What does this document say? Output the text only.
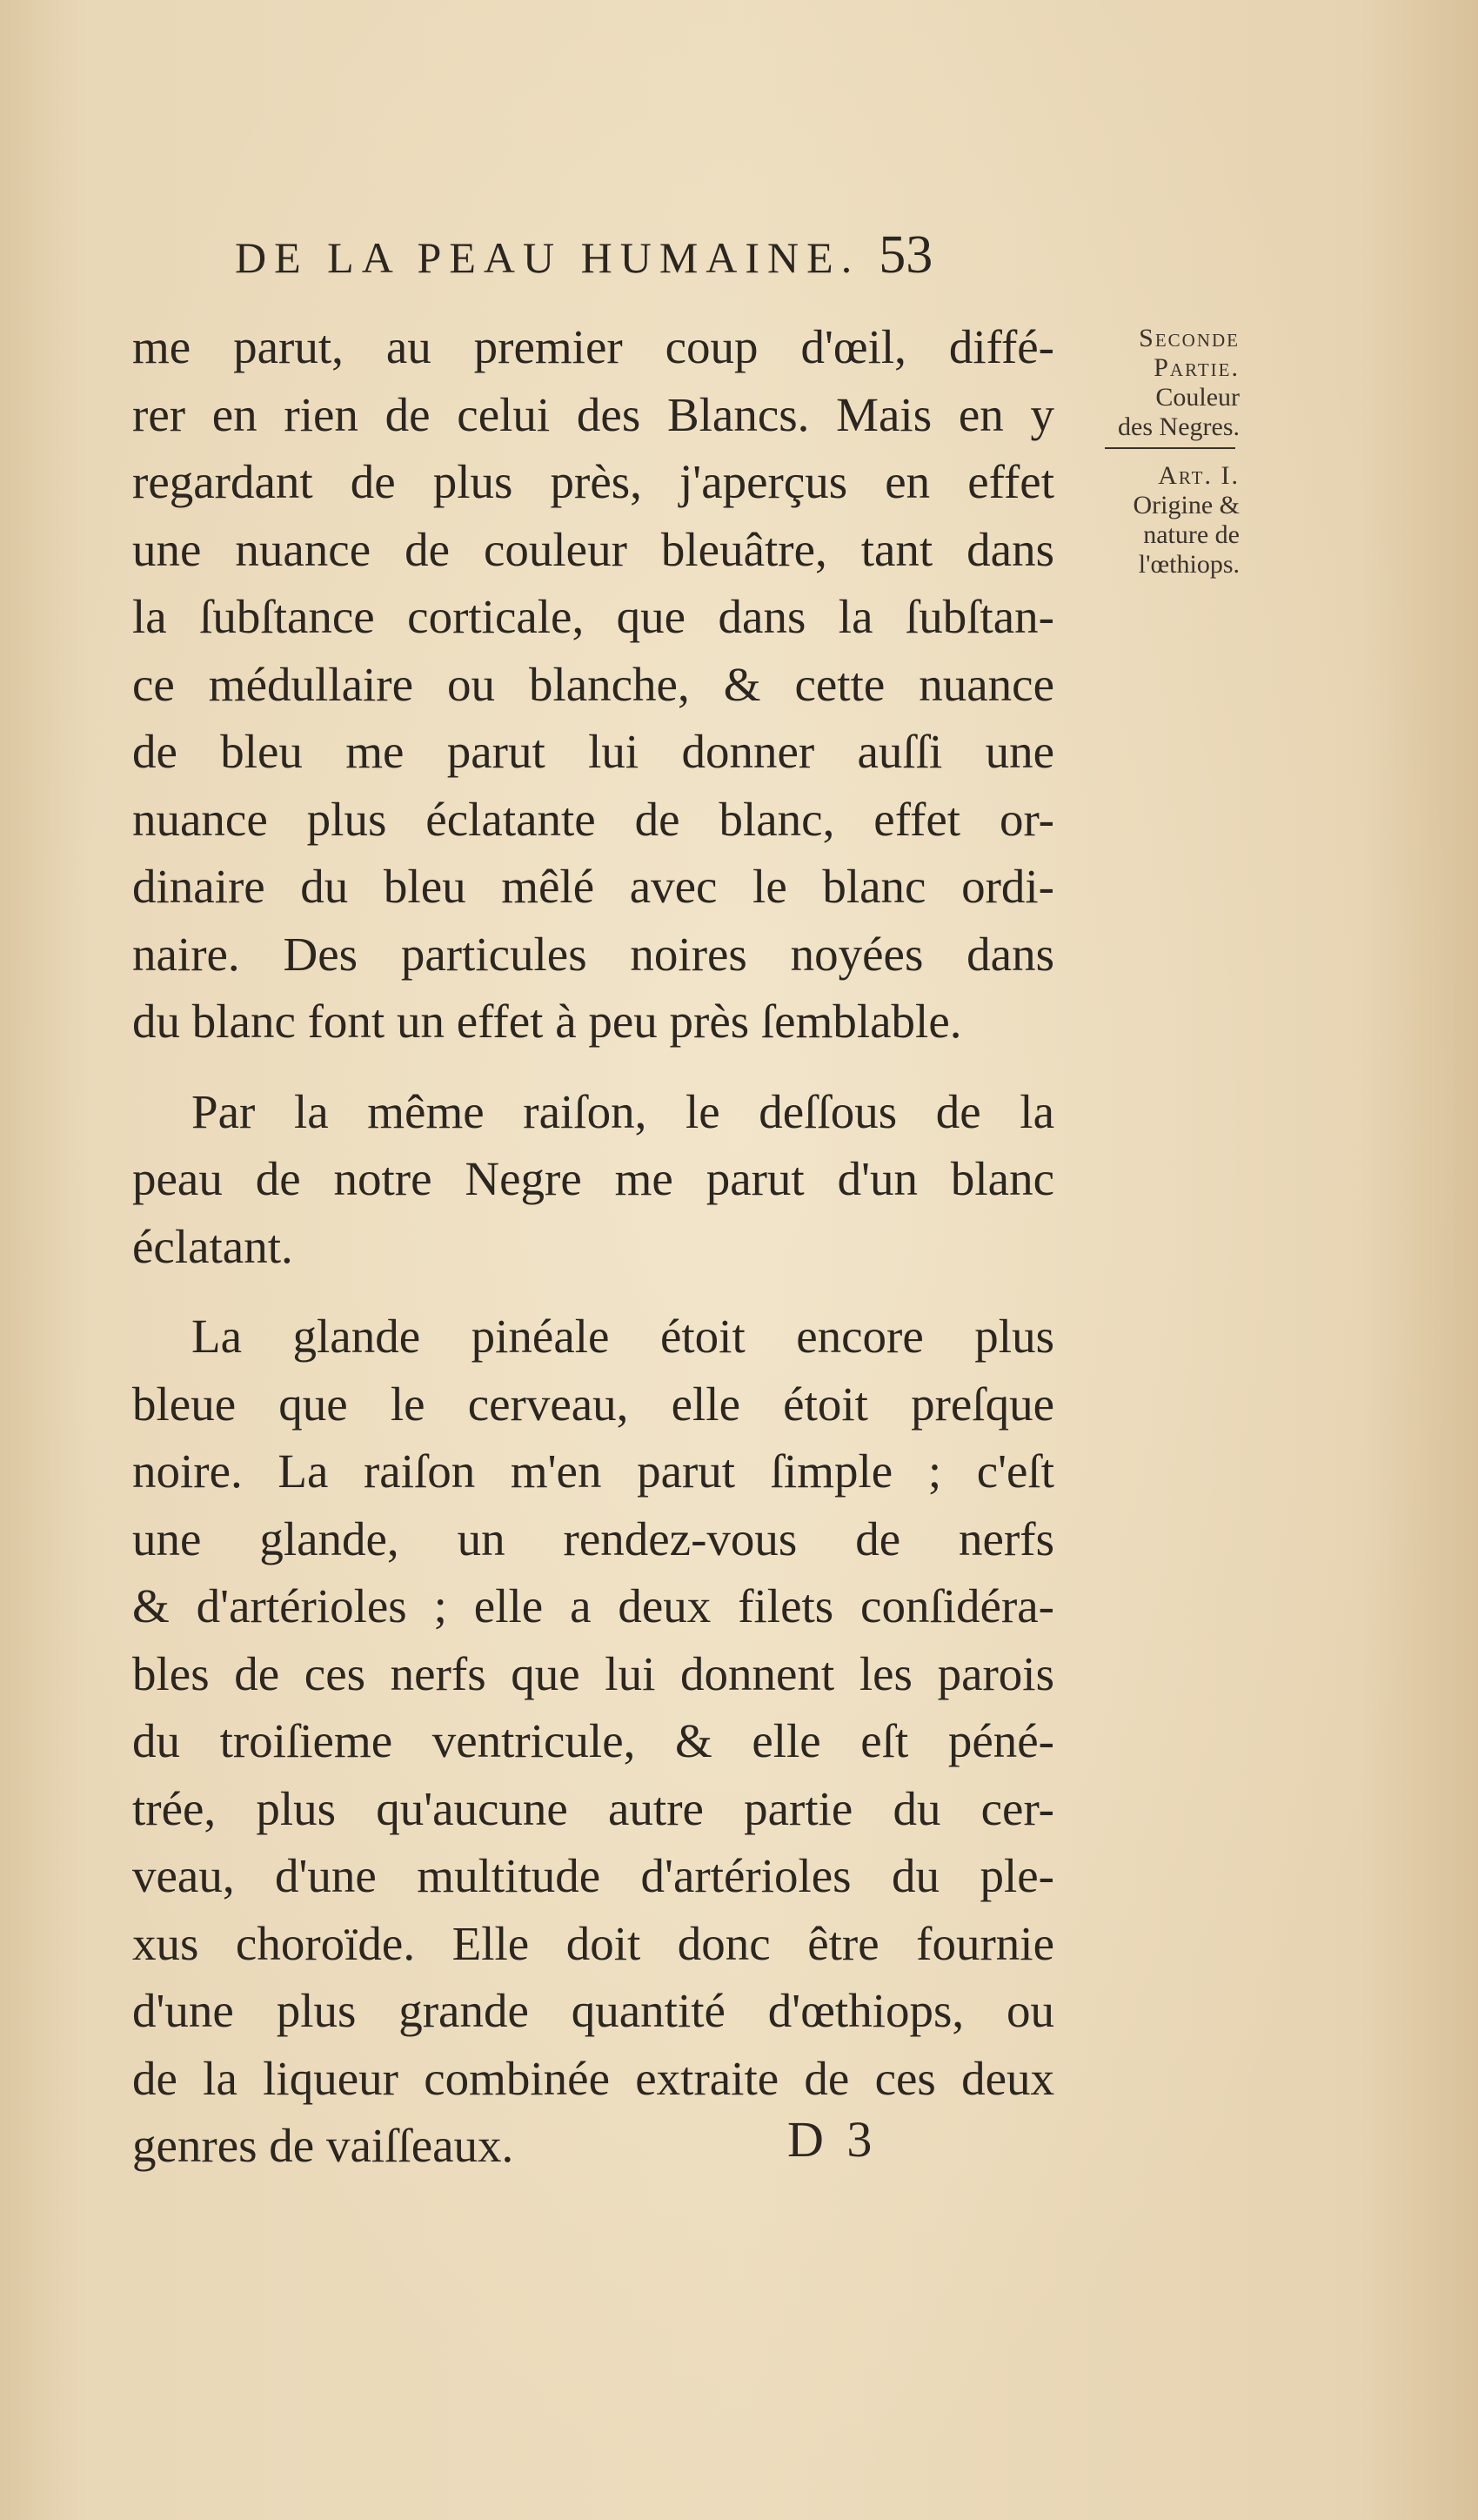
DE LA PEAU HUMAINE. 53
me parut, au premier coup d'œil, diffé-
rer en rien de celui des Blancs. Mais en y
regardant de plus près, j'aperçus en effet
une nuance de couleur bleuâtre, tant dans
la ſubſtance corticale, que dans la ſubſtan-
ce médullaire ou blanche, & cette nuance
de bleu me parut lui donner auſſi une
nuance plus éclatante de blanc, effet or-
dinaire du bleu mêlé avec le blanc ordi-
naire. Des particules noires noyées dans
du blanc font un effet à peu près ſemblable.
Par la même raiſon, le deſſous de la
peau de notre Negre me parut d'un blanc
éclatant.
La glande pinéale étoit encore plus
bleue que le cerveau, elle étoit preſque
noire. La raiſon m'en parut ſimple ; c'eſt
une glande, un rendez-vous de nerfs
& d'artérioles ; elle a deux filets conſidéra-
bles de ces nerfs que lui donnent les parois
du troiſieme ventricule, & elle eſt péné-
trée, plus qu'aucune autre partie du cer-
veau, d'une multitude d'artérioles du ple-
xus choroïde. Elle doit donc être fournie
d'une plus grande quantité d'œthiops, ou
de la liqueur combinée extraite de ces deux
genres de vaiſſeaux.
Seconde
Partie.
Couleur
des Negres.
Art. I.
Origine &
nature de
l'œthiops.
D 3
